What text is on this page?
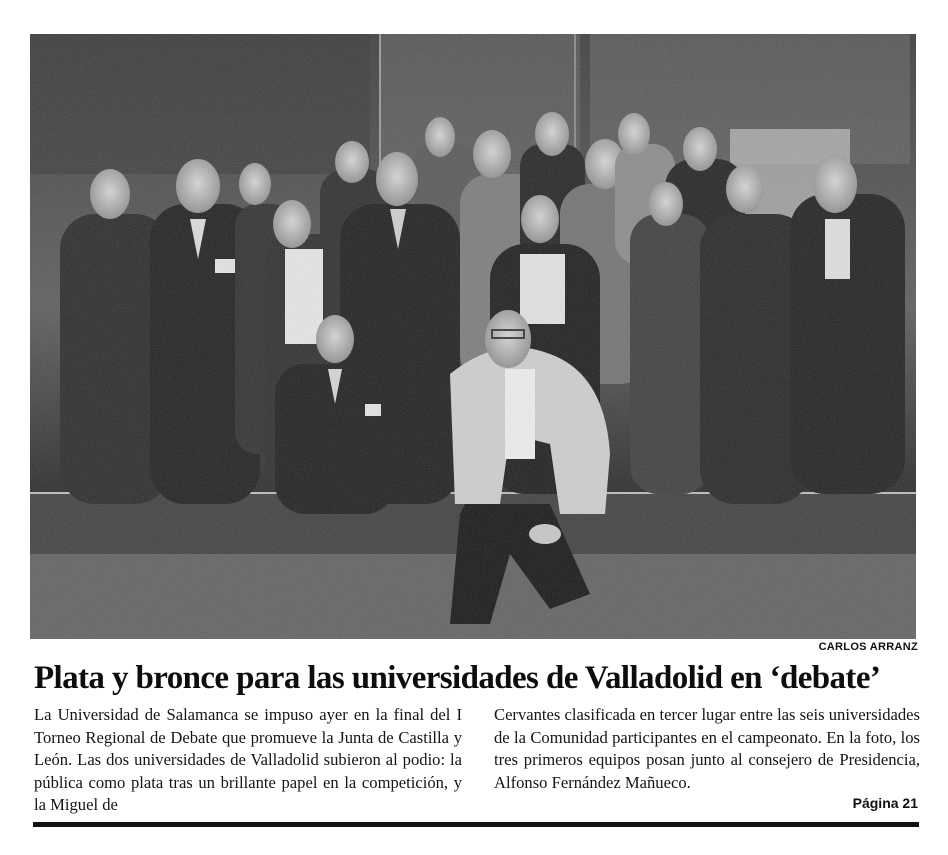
CARLOS ARRANZ
Plata y bronce para las universidades de Valladolid en ‘debate’
La Universidad de Salamanca se impuso ayer en la final del I Torneo Regional de Debate que promueve la Junta de Castilla y León. Las dos universidades de Valladolid subieron al podio: la pública como plata tras un brillante papel en la competición, y la Miguel de
Cervantes clasificada en tercer lugar entre las seis universidades de la Comunidad participantes en el campeonato. En la foto, los tres primeros equipos posan junto al consejero de Presidencia, Alfonso Fernández Mañueco.
Página 21
